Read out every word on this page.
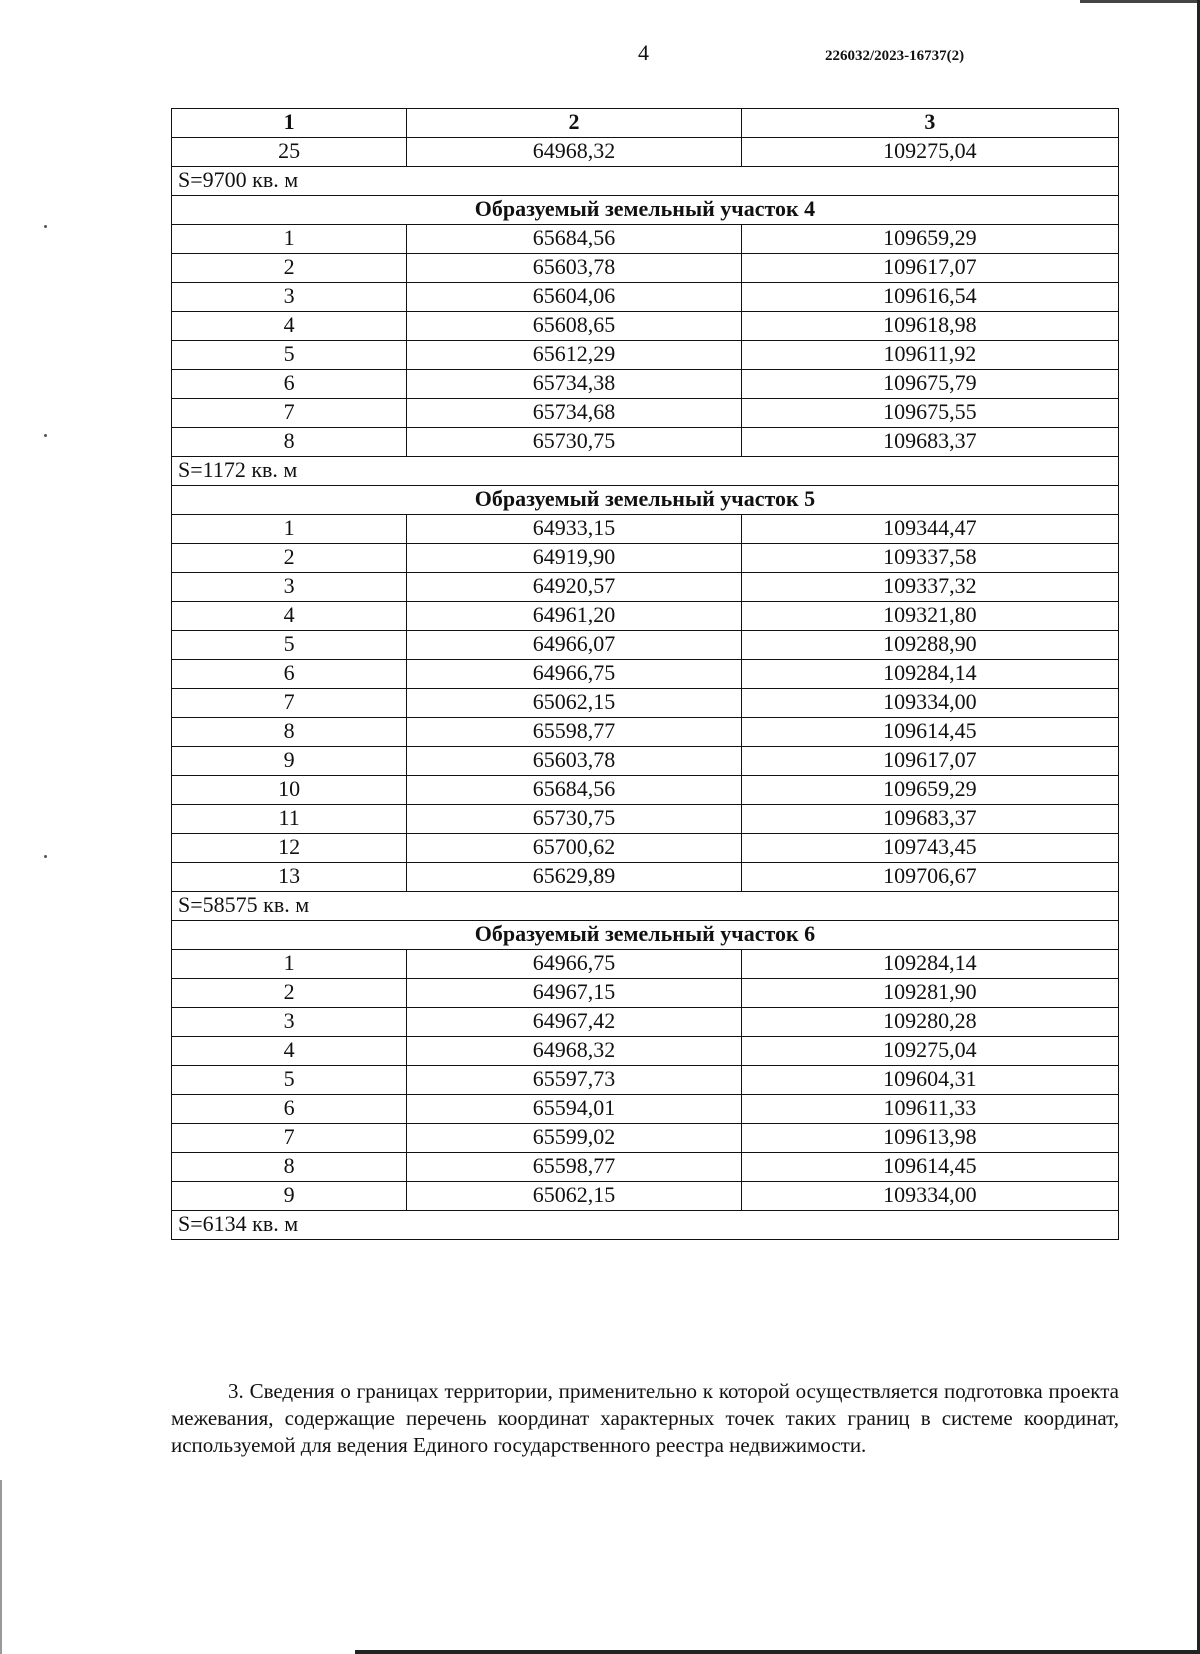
4	226032/2023-16737(2)
1	2	3
25	64968,32	109275,04
S=9700 кв. м		
Образуемый земельный участок 4		
1	65684,56	109659,29
2	65603,78	109617,07
3	65604,06	109616,54
4	65608,65	109618,98
5	65612,29	109611,92
6	65734,38	109675,79
7	65734,68	109675,55
8	65730,75	109683,37
S=1172 кв. м		
Образуемый земельный участок 5		
1	64933,15	109344,47
2	64919,90	109337,58
3	64920,57	109337,32
4	64961,20	109321,80
5	64966,07	109288,90
6	64966,75	109284,14
7	65062,15	109334,00
8	65598,77	109614,45
9	65603,78	109617,07
10	65684,56	109659,29
11	65730,75	109683,37
12	65700,62	109743,45
13	65629,89	109706,67
S=58575 кв. м		
Образуемый земельный участок 6		
1	64966,75	109284,14
2	64967,15	109281,90
3	64967,42	109280,28
4	64968,32	109275,04
5	65597,73	109604,31
6	65594,01	109611,33
7	65599,02	109613,98
8	65598,77	109614,45
9	65062,15	109334,00
S=6134 кв. м		
3. Сведения о границах территории, применительно к которой осуществляется подготовка проекта межевания, содержащие перечень координат характерных точек таких границ в системе координат, используемой для ведения Единого государственного реестра недвижимости.
